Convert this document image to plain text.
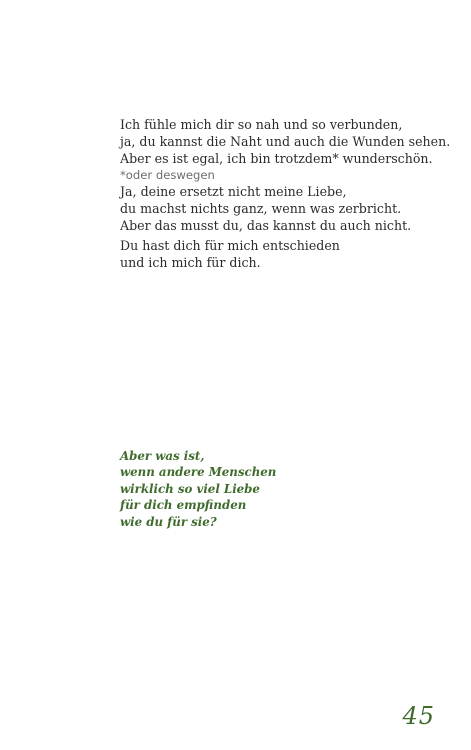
Ich fühle mich dir so nah und so verbunden,
ja, du kannst die Naht und auch die Wunden sehen.
Aber es ist egal, ich bin trotzdem* wunderschön.
*oder deswegen
Ja, deine ersetzt nicht meine Liebe,
du machst nichts ganz, wenn was zerbricht.
Aber das musst du, das kannst du auch nicht.

Du hast dich für mich entschieden
und ich mich für dich.

Aber was ist,
wenn andere Menschen
wirklich so viel Liebe
für dich empfinden
wie du für sie?

45
